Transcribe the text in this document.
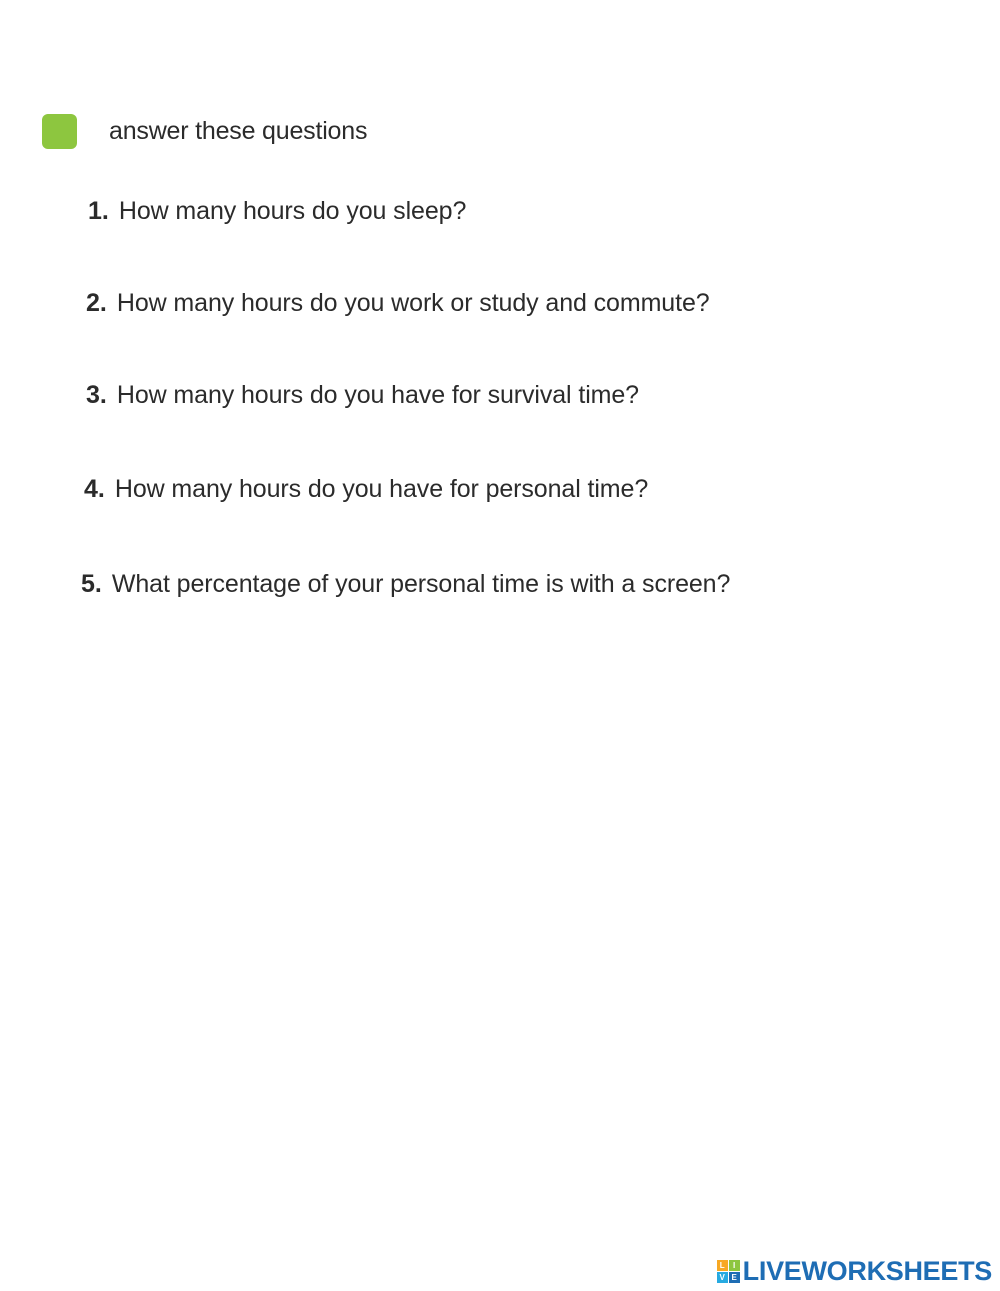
answer these questions
1. How many hours do you sleep?
2. How many hours do you work or study and commute?
3. How many hours do you have for survival time?
4. How many hours do you have for personal time?
5. What percentage of your personal time is with a screen?
L	I
V E LIVEWORKSHEETS
